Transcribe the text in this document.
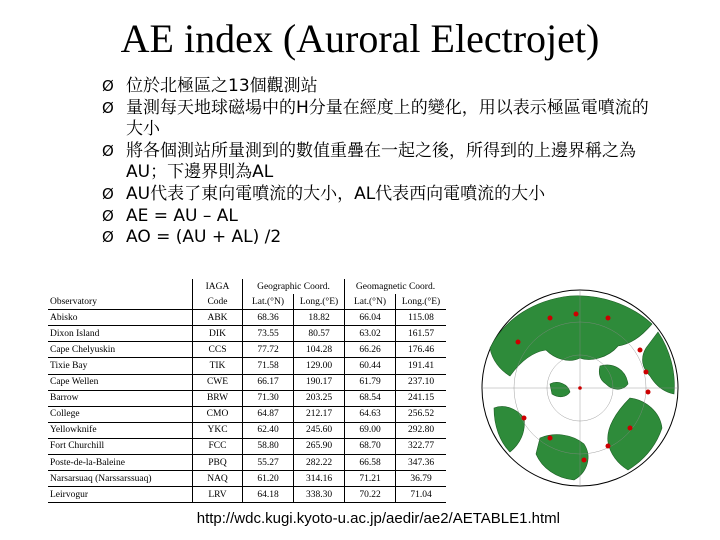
AE index (Auroral Electrojet)
Ø 位於北極區之13個觀測站
Ø 量測每天地球磁場中的H分量在經度上的變化，用以表示極區電噴流的大小
Ø 將各個測站所量測到的數值重疊在一起之後，所得到的上邊界稱之為AU；下邊界則為AL
Ø AU代表了東向電噴流的大小，AL代表西向電噴流的大小
Ø AE = AU – AL
Ø AO = (AU + AL) /2
	IAGA	Geographic Coord.		Geomagnetic Coord.	
Observatory	Code	Lat.(°N)	Long.(°E)	Lat.(°N)	Long.(°E)
Abisko	ABK	68.36	18.82	66.04	115.08
Dixon Island	DIK	73.55	80.57	63.02	161.57
Cape Chelyuskin	CCS	77.72	104.28	66.26	176.46
Tixie Bay	TIK	71.58	129.00	60.44	191.41
Cape Wellen	CWE	66.17	190.17	61.79	237.10
Barrow	BRW	71.30	203.25	68.54	241.15
College	CMO	64.87	212.17	64.63	256.52
Yellowknife	YKC	62.40	245.60	69.00	292.80
Fort Churchill	FCC	58.80	265.90	68.70	322.77
Poste-de-la-Baleine	PBQ	55.27	282.22	66.58	347.36
Narsarsuaq (Narssarssuaq)	NAQ	61.20	314.16	71.21	36.79
Leirvogur	LRV	64.18	338.30	70.22	71.04
http://wdc.kugi.kyoto-u.ac.jp/aedir/ae2/AETABLE1.html
